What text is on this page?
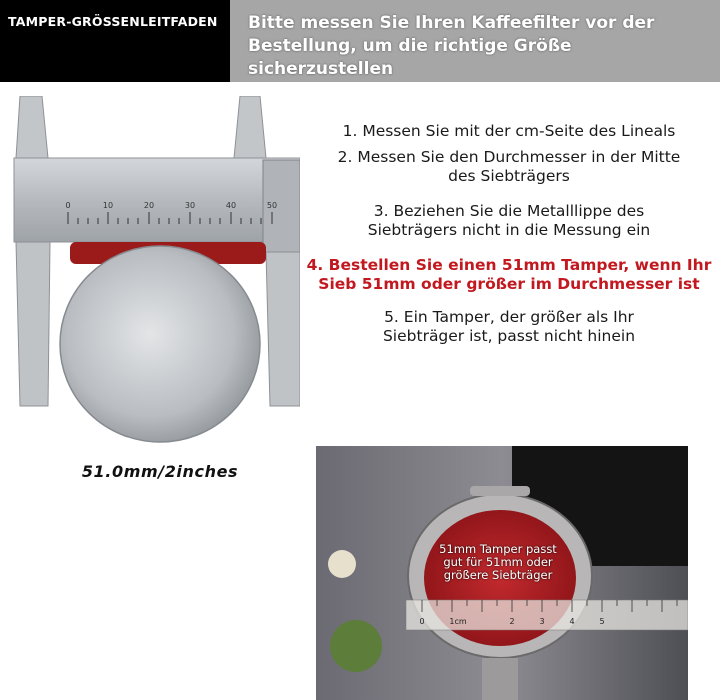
TAMPER-GRÖSSENLEITFADEN Bitte messen Sie Ihren Kaffeefilter vor der Bestellung, um die richtige Größe sicherzustellen
0	10	20	30	40	50
51.0mm/2inches
1. Messen Sie mit der cm-Seite des Lineals
2. Messen Sie den Durchmesser in der Mitte des Siebträgers
3. Beziehen Sie die Metalllippe des Siebträgers nicht in die Messung ein
4. Bestellen Sie einen 51mm Tamper, wenn Ihr Sieb 51mm oder größer im Durchmesser ist
5. Ein Tamper, der größer als Ihr Siebträger ist, passt nicht hinein
0	1cm	2	3	4	5
51mm Tamper passt gut für 51mm oder größere Siebträger
